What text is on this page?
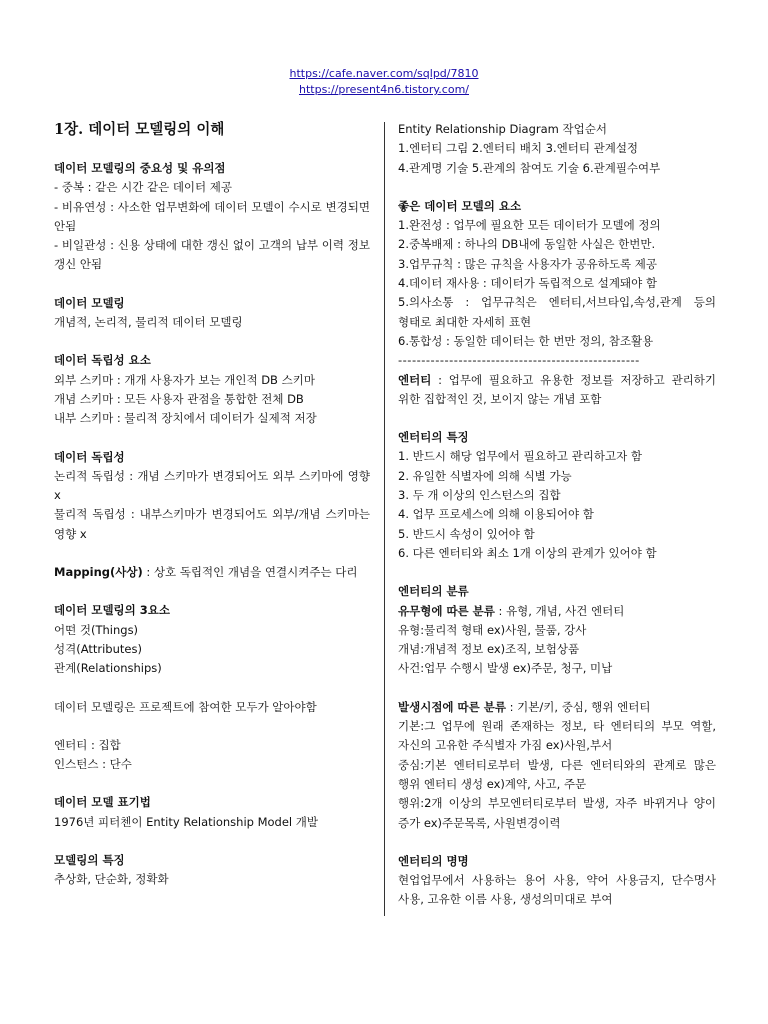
https://cafe.naver.com/sqlpd/7810
https://present4n6.tistory.com/
1장. 데이터 모델링의 이해
데이터 모델링의 중요성 및 유의점
- 중복 : 같은 시간 같은 데이터 제공
- 비유연성 : 사소한 업무변화에 데이터 모델이 수시로 변경되면 안됨
- 비일관성 : 신용 상태에 대한 갱신 없이 고객의 납부 이력 정보 갱신 안됨
데이터 모델링
개념적, 논리적, 물리적 데이터 모델링
데이터 독립성 요소
외부 스키마 : 개개 사용자가 보는 개인적 DB 스키마
개념 스키마 : 모든 사용자 관점을 통합한 전체 DB
내부 스키마 : 물리적 장치에서 데이터가 실제적 저장
데이터 독립성
논리적 독립성 : 개념 스키마가 변경되어도 외부 스키마에 영향 x
물리적 독립성 : 내부스키마가 변경되어도 외부/개념 스키마는 영향 x
Mapping(사상) : 상호 독립적인 개념을 연결시켜주는 다리
데이터 모델링의 3요소
어떤 것(Things)
성격(Attributes)
관계(Relationships)
데이터 모델링은 프로젝트에 참여한 모두가 알아야함
엔터티 : 집합
인스턴스 : 단수
데이터 모델 표기법
1976년 피터첸이 Entity Relationship Model 개발
모델링의 특징
추상화, 단순화, 정확화
Entity Relationship Diagram 작업순서
1.엔터티 그림 2.엔터티 배치 3.엔터티 관계설정
4.관계명 기술 5.관계의 참여도 기술 6.관계필수여부
좋은 데이터 모델의 요소
1.완전성 : 업무에 필요한 모든 데이터가 모델에 정의
2.중복배제 : 하나의 DB내에 동일한 사실은 한번만.
3.업무규칙 : 많은 규칙을 사용자가 공유하도록 제공
4.데이터 재사용 : 데이터가 독립적으로 설계돼야 함
5.의사소통 : 업무규칙은 엔터티,서브타입,속성,관계 등의 형태로 최대한 자세히 표현
6.통합성 : 동일한 데이터는 한 번만 정의, 참조활용
----------------------------------------------------
엔터티 : 업무에 필요하고 유용한 정보를 저장하고 관리하기 위한 집합적인 것, 보이지 않는 개념 포함
엔터티의 특징
1. 반드시 해당 업무에서 필요하고 관리하고자 함
2. 유일한 식별자에 의해 식별 가능
3. 두 개 이상의 인스턴스의 집합
4. 업무 프로세스에 의해 이용되어야 함
5. 반드시 속성이 있어야 함
6. 다른 엔터티와 최소 1개 이상의 관계가 있어야 함
엔터티의 분류
유무형에 따른 분류 : 유형, 개념, 사건 엔터티
유형:물리적 형태 ex)사원, 물품, 강사
개념:개념적 정보 ex)조직, 보험상품
사건:업무 수행시 발생 ex)주문, 청구, 미납
발생시점에 따른 분류 : 기본/키, 중심, 행위 엔터티
기본:그 업무에 원래 존재하는 정보, 타 엔터티의 부모 역할, 자신의 고유한 주식별자 가짐 ex)사원,부서
중심:기본 엔터티로부터 발생, 다른 엔터티와의 관계로 많은 행위 엔터티 생성 ex)계약, 사고, 주문
행위:2개 이상의 부모엔터티로부터 발생, 자주 바뀌거나 양이 증가 ex)주문목록, 사원변경이력
엔터티의 명명
현업업무에서 사용하는 용어 사용, 약어 사용금지, 단수명사 사용, 고유한 이름 사용, 생성의미대로 부여
